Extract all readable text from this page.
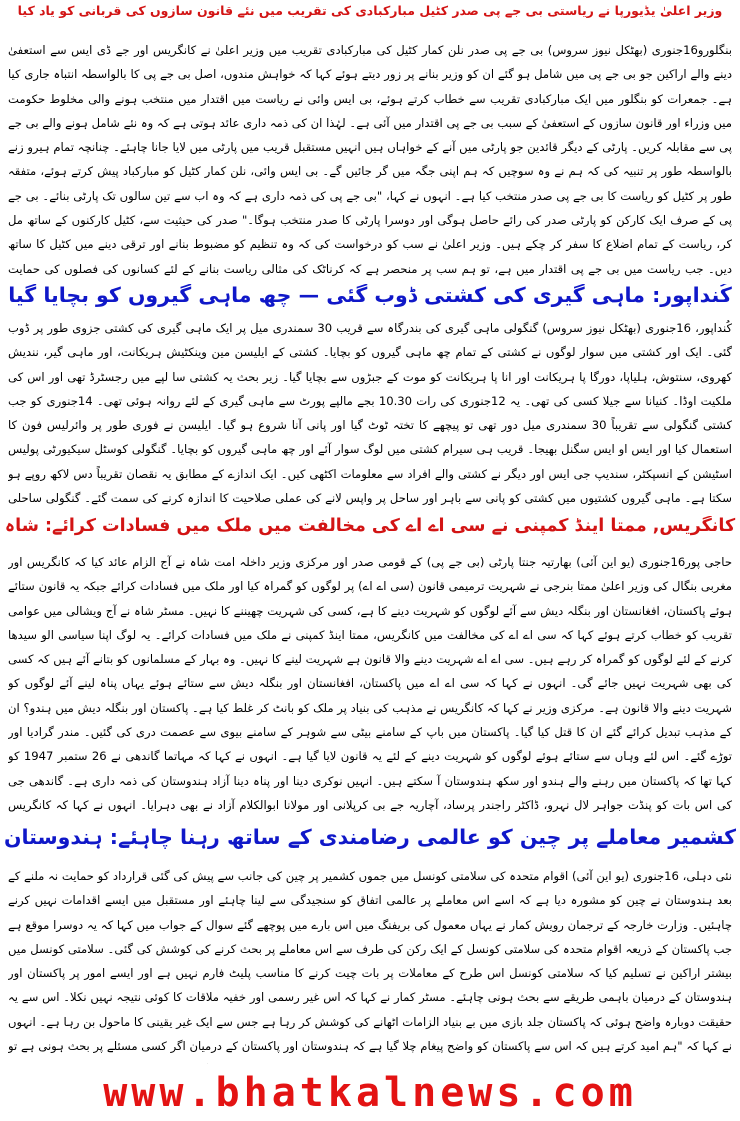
وزیر اعلیٰ یڈیورپا نے ریاستی بی جے پی صدر کٹیل مبارکبادی کی تقریب میں نئے قانون سازوں کی قربانی کو یاد کیا
بنگلورو16جنوری (بھٹکل نیوز سروس) بی جے پی صدر نلن کمار کٹیل کی مبارکبادی تقریب میں وزیر اعلیٰ نے کانگریس اور جے ڈی ایس سے استعفیٰ دینے والے اراکین جو بی جے پی میں شامل ہو گئے ان کو وزیر بنانے پر زور دیتے ہوئے کہا کہ خواہش مندوں، اصل بی جے پی کا بالواسطہ انتباہ جاری کیا ہے۔ جمعرات کو بنگلور میں ایک مبارکبادی تقریب سے خطاب کرتے ہوئے، بی ایس وائی نے ریاست میں اقتدار میں منتخب ہونے والی مخلوط حکومت میں وزراء اور قانون سازوں کے استعفیٰ کے سبب بی جے پی اقتدار میں آئی ہے۔ لہٰذا ان کی ذمہ داری عائد ہوتی ہے کہ وہ نئے شامل ہونے والے بی جے پی سے مقابلہ کریں۔ پارٹی کے دیگر قائدین جو پارٹی میں آنے کے خواہاں ہیں انہیں مستقبل قریب میں پارٹی میں لایا جانا چاہئے۔ چنانچہ تمام ہیرو زنے بالواسطہ طور پر تنبیہ کی کہ ہم نے وہ سوچیں کہ ہم اپنی جگہ میں گر جائیں گے۔ بی ایس وائی، نلن کمار کٹیل کو مبارکباد پیش کرتے ہوئے، متفقہ طور پر کٹیل کو ریاست کا بی جے پی صدر منتخب کیا ہے۔ انہوں نے کہا، "بی جے پی کی ذمہ داری ہے کہ وہ اب سے تین سالوں تک پارٹی بنائے۔ بی جے پی کے صرف ایک کارکن کو پارٹی صدر کی رائے حاصل ہوگی اور دوسرا پارٹی کا صدر منتخب ہوگا۔" صدر کی حیثیت سے، کٹیل کارکنوں کے ساتھ مل کر، ریاست کے تمام اضلاع کا سفر کر چکے ہیں۔ وزیر اعلیٰ نے سب کو درخواست کی کہ وہ تنظیم کو مضبوط بنانے اور ترقی دینے میں کٹیل کا ساتھ دیں۔ جب ریاست میں بی جے پی اقتدار میں ہے، تو ہم سب پر منحصر ہے کہ کرناٹک کی مثالی ریاست بنانے کے لئے کسانوں کی فصلوں کی حمایت
کُنداپور: ماہی گیری کی کشتی ڈوب گئی — چھ ماہی گیروں کو بچایا گیا
کُنداپور، 16جنوری (بھٹکل نیوز سروس) گنگولی ماہی گیری کی بندرگاہ سے قریب 30 سمندری میل پر ایک ماہی گیری کی کشتی جزوی طور پر ڈوب گئی۔ ایک اور کشتی میں سوار لوگوں نے کشتی کے تمام چھ ماہی گیروں کو بچایا۔ کشتی کے ایلیسن مین وینکٹیش ہریکانت، اور ماہی گیر، نندیش کھروی، سنتوش، ہلیاپا، دورگا پا ہریکانت اور انا پا ہریکانت کو موت کے جبڑوں سے بچایا گیا۔ زیر بحث یہ کشتی سا لپے میں رجسٹرڈ تھی اور اس کی ملکیت اوڈا۔ کنیانا سے جیلا کسی کی تھی۔ یہ 12جنوری کی رات 10.30 بجے مالپے پورٹ سے ماہی گیری کے لئے روانہ ہوئی تھی۔ 14جنوری کو جب کشتی گنگولی سے تقریباً 30 سمندری میل دور تھی تو پیچھے کا تختہ ٹوٹ گیا اور پانی آنا شروع ہو گیا۔ ایلیسن نے فوری طور پر وائرلیس فون کا استعمال کیا اور ایس او ایس سگنل بھیجا۔ قریب ہی سیرام کشتی میں لوگ سوار آئے اور چھ ماہی گیروں کو بچایا۔ گنگولی کوسٹل سیکیورٹی پولیس اسٹیشن کے انسپکٹر، سندیپ جی ایس اور دیگر نے کشتی والے افراد سے معلومات اکٹھی کیں۔ ایک اندازے کے مطابق یہ نقصان تقریباً دس لاکھ روپے ہو سکتا ہے۔ ماہی گیروں کشتیوں میں کشتی کو پانی سے باہر اور ساحل پر واپس لانے کی عملی صلاحیت کا اندازہ کرنے کی سمت گئے۔ گنگولی ساحلی
کانگریس, ممتا اینڈ کمپنی نے سی اے اے کی مخالفت میں ملک میں فسادات کرائے: شاہ
حاجی پور16جنوری (یو این آئی) بھارتیہ جنتا پارٹی (بی جے پی) کے قومی صدر اور مرکزی وزیر داخلہ امت شاہ نے آج الزام عائد کیا کہ کانگریس اور مغربی بنگال کی وزیر اعلیٰ ممتا بنرجی نے شہریت ترمیمی قانون (سی اے اے) پر لوگوں کو گمراہ کیا اور ملک میں فسادات کرائے جبکہ یہ قانون ستائے ہوئے پاکستان، افغانستان اور بنگلہ دیش سے آئے لوگوں کو شہریت دینے کا ہے، کسی کی شہریت چھیننے کا نہیں۔ مسٹر شاہ نے آج ویشالی میں عوامی تقریب کو خطاب کرتے ہوئے کہا کہ سی اے اے کی مخالفت میں کانگریس، ممتا اینڈ کمپنی نے ملک میں فسادات کرائے۔ یہ لوگ اپنا سیاسی الو سیدھا کرنے کے لئے لوگوں کو گمراہ کر رہے ہیں۔ سی اے اے شہریت دینے والا قانون ہے شہریت لینے کا نہیں۔ وہ بہار کے مسلمانوں کو بتانے آئے ہیں کہ کسی کی بھی شہریت نہیں جائے گی۔ انہوں نے کہا کہ سی اے اے میں پاکستان، افغانستان اور بنگلہ دیش سے ستائے ہوئے یہاں پناہ لینے آئے لوگوں کو شہریت دینے والا قانون ہے۔ مرکزی وزیر نے کہا کہ کانگریس نے مذہب کی بنیاد پر ملک کو بانٹ کر غلط کیا ہے۔ پاکستان اور بنگلہ دیش میں ہندو؟ ان کے مذہب تبدیل کرائے گئے ان کا قتل کیا گیا۔ پاکستان میں باپ کے سامنے بیٹی سے شوہر کے سامنے بیوی سے عصمت دری کی گئیں۔ مندر گرادیا اور توڑے گئے۔ اس لئے وہاں سے ستائے ہوئے لوگوں کو شہریت دینے کے لئے یہ قانون لایا گیا ہے۔ انہوں نے کہا کہ مہاتما گاندھی نے 26 ستمبر 1947 کو کہا تھا کہ پاکستان میں رہنے والے ہندو اور سکھ ہندوستان آ سکتے ہیں۔ انہیں نوکری دینا اور پناہ دینا آزاد ہندوستان کی ذمہ داری ہے۔ گاندھی جی کی اس بات کو پنڈت جواہر لال نہرو، ڈاکٹر راجندر پرساد، آچاریہ جے بی کرپلانی اور مولانا ابوالکلام آزاد نے بھی دہرایا۔ انہوں نے کہا کہ کانگریس
کشمیر معاملے پر چین کو عالمی رضامندی کے ساتھ رہنا چاہئے: ہندوستان
نئی دہلی، 16جنوری (یو این آئی) اقوام متحدہ کی سلامتی کونسل میں جموں کشمیر پر چین کی جانب سے پیش کی گئی قرارداد کو حمایت نہ ملنے کے بعد ہندوستان نے چین کو مشورہ دیا ہے کہ اسے اس معاملے پر عالمی اتفاق کو سنجیدگی سے لینا چاہئے اور مستقبل میں ایسے اقدامات نہیں کرنے چاہئیں۔ وزارت خارجہ کے ترجمان رویش کمار نے یہاں معمول کی بریفنگ میں اس بارے میں پوچھے گئے سوال کے جواب میں کہا کہ یہ دوسرا موقع ہے جب پاکستان کے ذریعہ اقوام متحدہ کی سلامتی کونسل کے ایک رکن کی طرف سے اس معاملے پر بحث کرنے کی کوشش کی گئی۔ سلامتی کونسل میں بیشتر اراکین نے تسلیم کیا کہ سلامتی کونسل اس طرح کے معاملات پر بات چیت کرنے کا مناسب پلیٹ فارم نہیں ہے اور ایسے امور پر پاکستان اور ہندوستان کے درمیان باہمی طریقے سے بحث ہونی چاہئے۔ مسٹر کمار نے کہا کہ اس غیر رسمی اور خفیہ ملاقات کا کوئی نتیجہ نہیں نکلا۔ اس سے یہ حقیقت دوبارہ واضح ہوئی کہ پاکستان جلد بازی میں بے بنیاد الزامات اٹھانے کی کوشش کر رہا ہے جس سے ایک غیر یقینی کا ماحول بن رہا ہے۔ انہوں نے کہا کہ "ہم امید کرتے ہیں کہ اس سے پاکستان کو واضح پیغام چلا گیا ہے کہ ہندوستان اور پاکستان کے درمیان اگر کسی مسئلے پر بحث ہونی ہے تو
www.bhatkalnews.com
